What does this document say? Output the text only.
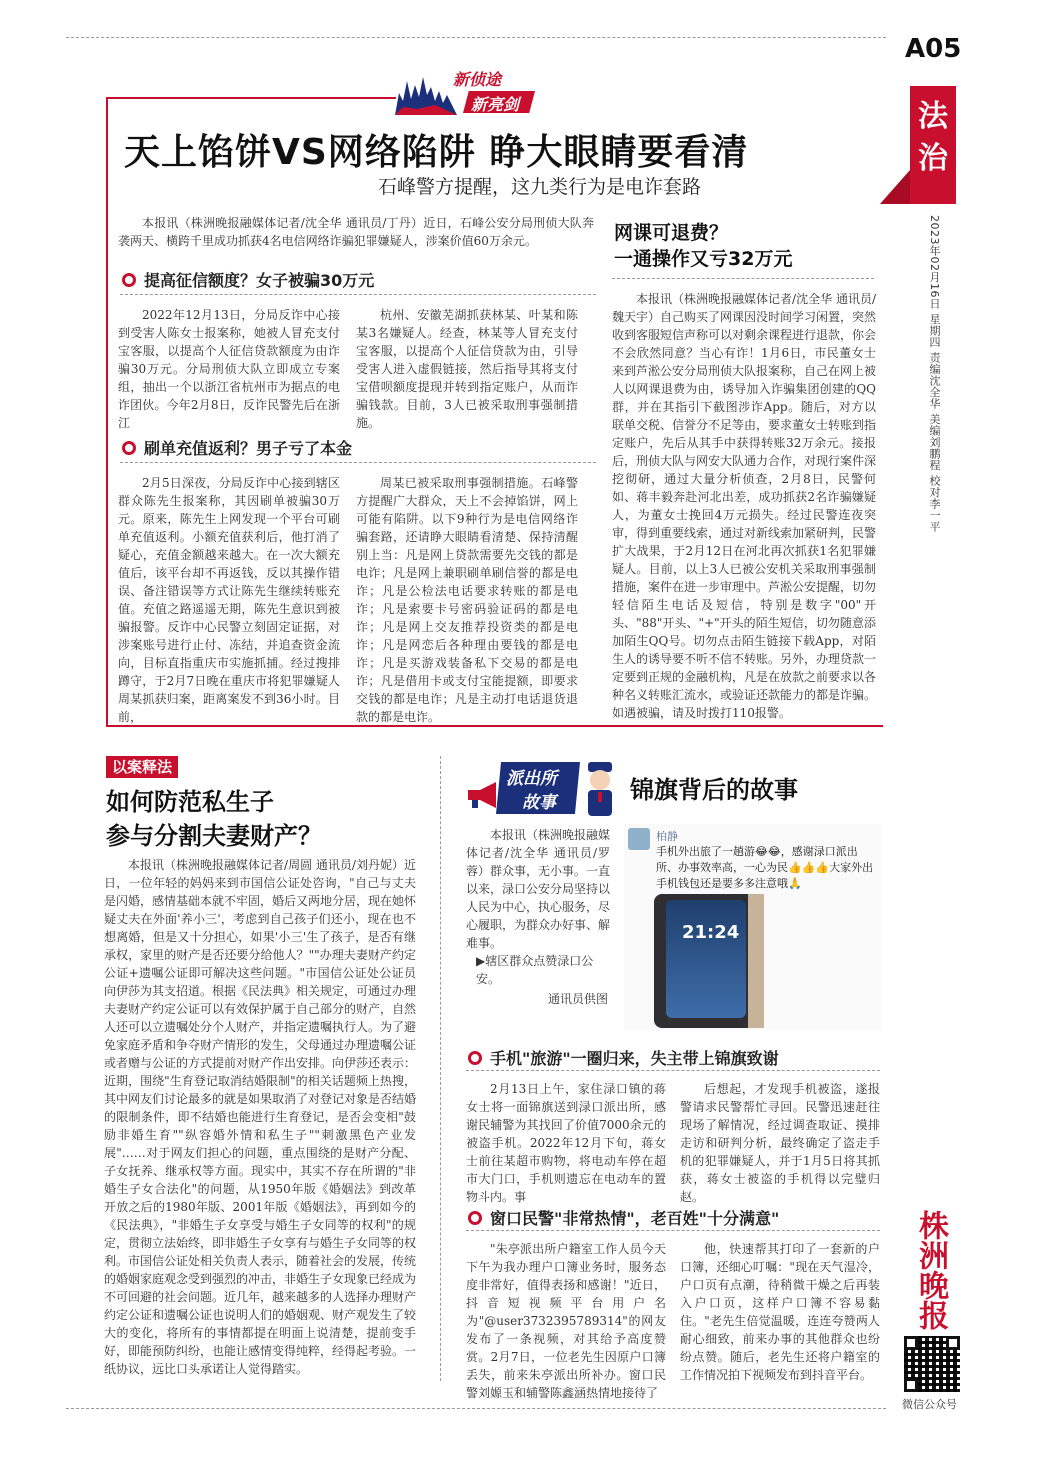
A05
法治
2023年02月16日 星期四 责编沈全华 美编刘鹏程 校对李一平
新侦途
新亮剑
天上馅饼VS网络陷阱 睁大眼睛要看清
石峰警方提醒，这九类行为是电诈套路

本报讯（株洲晚报融媒体记者/沈全华 通讯员/丁丹）近日，石峰公安分局刑侦大队奔袭两天、横跨千里成功抓获4名电信网络诈骗犯罪嫌疑人，涉案价值60万余元。

提高征信额度？女子被骗30万元

2022年12月13日，分局反诈中心接到受害人陈女士报案称，她被人冒充支付宝客服，以提高个人征信贷款额度为由诈骗30万元。分局刑侦大队立即成立专案组，抽出一个以浙江省杭州市为据点的电诈团伙。今年2月8日，反诈民警先后在浙江

杭州、安徽芜湖抓获林某、叶某和陈某3名嫌疑人。经查，林某等人冒充支付宝客服，以提高个人征信贷款为由，引导受害人进入虚假链接，然后指导其将支付宝借呗额度提现并转到指定账户，从而诈骗钱款。目前，3人已被采取刑事强制措施。

刷单充值返利？男子亏了本金

2月5日深夜，分局反诈中心接到辖区群众陈先生报案称，其因刷单被骗30万元。原来，陈先生上网发现一个平台可刷单充值返利。小额充值获利后，他打消了疑心，充值金额越来越大。在一次大额充值后，该平台却不再返钱，反以其操作错误、备注错误等方式让陈先生继续转账充值。充值之路遥遥无期，陈先生意识到被骗报警。反诈中心民警立刻固定证据，对涉案账号进行止付、冻结，并追查资金流向，目标直指重庆市实施抓捕。经过搜排蹲守，于2月7日晚在重庆市将犯罪嫌疑人周某抓获归案，距离案发不到36小时。目前，

周某已被采取刑事强制措施。石峰警方提醒广大群众，天上不会掉馅饼，网上可能有陷阱。以下9种行为是电信网络诈骗套路，还请睁大眼睛看清楚、保持清醒别上当：凡是网上贷款需要先交钱的都是电诈；凡是网上兼职刷单刷信誉的都是电诈；凡是公检法电话要求转账的都是电诈；凡是索要卡号密码验证码的都是电诈；凡是网上交友推荐投资类的都是电诈；凡是网恋后各种理由要钱的都是电诈；凡是买游戏装备私下交易的都是电诈；凡是借用卡或支付宝能提额，即要求交钱的都是电诈；凡是主动打电话退货退款的都是电诈。

网课可退费？
一通操作又亏32万元

本报讯（株洲晚报融媒体记者/沈全华 通讯员/魏天宇）自己购买了网课因没时间学习闲置，突然收到客服短信声称可以对剩余课程进行退款，你会不会欣然同意？当心有诈！1月6日，市民董女士来到芦淞公安分局刑侦大队报案称，自己在网上被人以网课退费为由，诱导加入诈骗集团创建的QQ群，并在其指引下截图涉诈App。随后，对方以联单交税、信誉分不足等由，要求董女士转账到指定账户，先后从其手中获得转账32万余元。接报后，刑侦大队与网安大队通力合作，对现行案件深挖彻研，通过大量分析侦查，2月8日，民警何如、蒋丰毅奔赴河北出差，成功抓获2名诈骗嫌疑人，为董女士挽回4万元损失。经过民警连夜突审，得到重要线索，通过对新线索加紧研判，民警扩大战果，于2月12日在河北再次抓获1名犯罪嫌疑人。目前，以上3人已被公安机关采取刑事强制措施，案件在进一步审理中。芦淞公安提醒，切勿轻信陌生电话及短信，特别是数字"00"开头、"88"开头、"+"开头的陌生短信，切勿随意添加陌生QQ号。切勿点击陌生链接下载App，对陌生人的诱导要不听不信不转账。另外，办理贷款一定要到正规的金融机构，凡是在放款之前要求以各种名义转账汇流水，或验证还款能力的都是诈骗。如遇被骗，请及时拨打110报警。

以案释法
如何防范私生子
参与分割夫妻财产？

本报讯（株洲晚报融媒体记者/周圆 通讯员/刘丹妮）近日，一位年轻的妈妈来到市国信公证处咨询，"自己与丈夫是闪婚，感情基础本就不牢固，婚后又两地分居，现在她怀疑丈夫在外面'养小三'，考虑到自己孩子们还小，现在也不想离婚，但是又十分担心，如果'小三'生了孩子，是否有继承权，家里的财产是否还要分给他人？""办理夫妻财产约定公证+遗嘱公证即可解决这些问题。"市国信公证处公证员向伊莎为其支招道。根据《民法典》相关规定，可通过办理夫妻财产约定公证可以有效保护属于自己部分的财产，自然人还可以立遗嘱处分个人财产，并指定遗嘱执行人。为了避免家庭矛盾和争夺财产情形的发生，父母通过办理遗嘱公证或者赠与公证的方式提前对财产作出安排。向伊莎还表示：近期，围绕"生育登记取消结婚限制"的相关话题频上热搜，其中网友们讨论最多的就是如果取消了对登记对象是否结婚的限制条件，即不结婚也能进行生育登记，是否会变相"鼓励非婚生育""纵容婚外情和私生子""刺激黑色产业发展"……对于网友们担心的问题，重点围绕的是财产分配、子女抚养、继承权等方面。现实中，其实不存在所谓的"非婚生子女合法化"的问题，从1950年版《婚姻法》到改革开放之后的1980年版、2001年版《婚姻法》，再到如今的《民法典》，"非婚生子女享受与婚生子女同等的权利"的规定，贯彻立法始终，即非婚生子女享有与婚生子女同等的权利。市国信公证处相关负责人表示，随着社会的发展，传统的婚姻家庭观念受到强烈的冲击，非婚生子女现象已经成为不可回避的社会问题。近几年，越来越多的人选择办理财产约定公证和遗嘱公证也说明人们的婚姻观、财产观发生了较大的变化，将所有的事情都提在明面上说清楚，提前变手好，即能预防纠纷，也能让感情变得纯粹，经得起考验。一纸协议，远比口头承诺让人觉得踏实。

派出所
故事	锦旗背后的故事

本报讯（株洲晚报融媒体记者/沈全华 通讯员/罗蓉）群众事，无小事。一直以来，渌口公安分局坚持以人民为中心，执心服务，尽心履职，为群众办好事、解难事。

▶辖区群众点赞渌口公安。
通讯员供图
柏静
手机外出旅了一趟游😂😂，感谢渌口派出所、办事效率高，一心为民👍👍👍大家外出手机钱包还是要多多注意哦🙏
21:24
手机"旅游"一圈归来，失主带上锦旗致谢

2月13日上午，家住渌口镇的蒋女士将一面锦旗送到渌口派出所，感谢民辅警为其找回了价值7000余元的被盗手机。2022年12月下旬，蒋女士前往某超市购物，将电动车停在超市大门口，手机则遗忘在电动车的置物斗内。事

后想起，才发现手机被盗，遂报警请求民警帮忙寻回。民警迅速赶往现场了解情况，经过调查取证、摸排走访和研判分析，最终确定了盗走手机的犯罪嫌疑人，并于1月5日将其抓获，蒋女士被盗的手机得以完璧归赵。

窗口民警"非常热情"，老百姓"十分满意"

"朱亭派出所户籍室工作人员今天下午为我办理户口簿业务时，服务态度非常好，值得表扬和感谢！"近日，抖音短视频平台用户名为"@user3732395789314"的网友发布了一条视频，对其给予高度赞赏。2月7日，一位老先生因原户口簿丢失，前来朱亭派出所补办。窗口民警刘嫄玉和辅警陈鑫涵热情地接待了

他，快速帮其打印了一套新的户口簿，还细心叮嘱："现在天气湿冷，户口页有点潮，待稍微干燥之后再装入户口页，这样户口簿不容易黏住。"老先生倍觉温暖，连连夸赞两人耐心细致，前来办事的其他群众也纷纷点赞。随后，老先生还将户籍室的工作情况拍下视频发布到抖音平台。

株洲晚报
微信公众号
